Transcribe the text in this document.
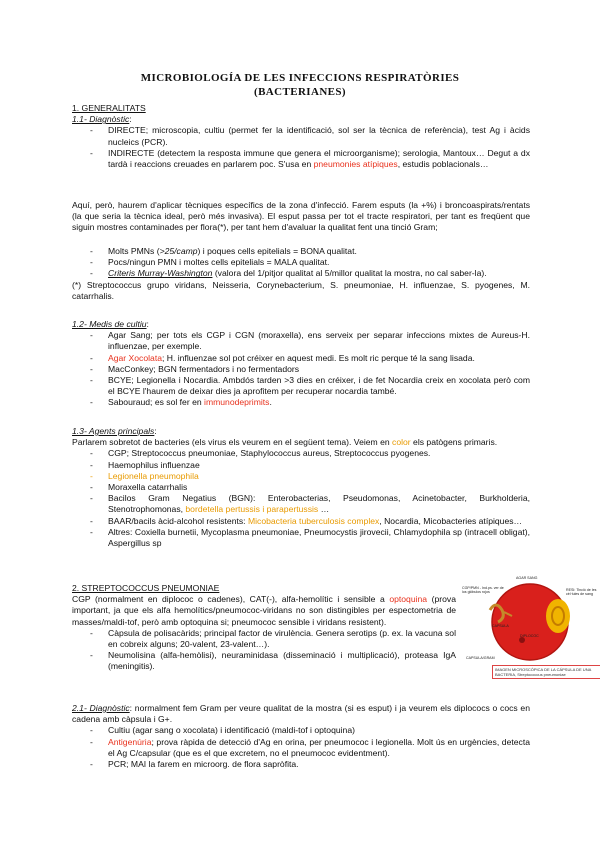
MICROBIOLOGÍA DE LES INFECCIONS RESPIRATÒRIES
(BACTERIANES)
1. GENERALITATS
1.1- Diagnòstic:
- DIRECTE; microscopia, cultiu (permet fer la identificació, sol ser la tècnica de referència), test Ag i àcids nucleics (PCR).
- INDIRECTE (detectem la resposta immune que genera el microorganisme); serologia, Mantoux… Degut a dx tardà i reaccions creuades en parlarem poc. S'usa en pneumonies atípiques, estudis poblacionals…
Aquí, però, haurem d'aplicar tècniques específics de la zona d'infecció. Farem esputs (la +%) i broncoaspirats/rentats (la que seria la tècnica ideal, però més invasiva). El esput passa per tot el tracte respiratori, per tant es freqüent que siguin mostres contaminades per flora(*), per tant hem d'avaluar la qualitat fent una tinció Gram;
- Molts PMNs (>25/camp) i poques cells epitelials = BONA qualitat.
- Pocs/ningun PMN i moltes cells epitelials = MALA qualitat.
- Criteris Murray-Washington (valora del 1/pitjor qualitat al 5/millor qualitat la mostra, no cal saber-la).
(*) Streptococcus grupo viridans, Neisseria, Corynebacterium, S. pneumoniae, H. influenzae, S. pyogenes, M. catarrhalis.
1.2- Medis de cultiu:
- Agar Sang; per tots els CGP i CGN (moraxella), ens serveix per separar infeccions mixtes de Aureus-H. influenzae, per exemple.
- Agar Xocolata; H. influenzae sol pot créixer en aquest medi. Es molt ric perque té la sang lisada.
- MacConkey; BGN fermentadors i no fermentadors
- BCYE; Legionella i Nocardia. Ambdós tarden >3 dies en créixer, i de fet Nocardia creix en xocolata però com el BCYE l'haurem de deixar dies ja aprofitem per recuperar nocardia també.
- Sabouraud; es sol fer en immunodeprimits.
1.3- Agents principals:
Parlarem sobretot de bacteries (els virus els veurem en el següent tema). Veiem en color els patògens primaris.
- CGP; Streptococcus pneumoniae, Staphylococcus aureus, Streptococcus pyogenes.
- Haemophilus influenzae
- Legionella pneumophila
- Moraxella catarrhalis
- Bacilos Gram Negatius (BGN): Enterobacterias, Pseudomonas, Acinetobacter, Burkholderia, Stenotrophomonas, bordetella pertussis i parapertussis …
- BAAR/bacils àcid-alcohol resistents: Micobacteria tuberculosis complex, Nocardia, Micobacteries atípiques…
- Altres: Coxiella burnetii, Mycoplasma pneumoniae, Pneumocystis jirovecii, Chlamydophila sp (intracell obligat), Aspergillus sp
2. STREPTOCOCCUS PNEUMONIAE
CGP (normalment en diplococ o cadenes), CAT(-), alfa-hemolític i sensible a optoquina (prova important, ja que els alfa hemolítics/pneumococ-viridans no son distingibles per espectometria de masses/maldi-tof, però amb optoquina si; pneumococ sensible i viridans resistent).
- Càpsula de polisacàrids; principal factor de virulència. Genera serotips (p. ex. la vacuna sol en cobreix alguns; 20-valent, 23-valent…).
- Neumolisina (alfa-hemòlisi), neuraminidasa (disseminació i multiplicació), proteasa IgA (meningitis).
AGAR SANG
CGP/PMN - Ind.ps. ver de los glóbulos rojos
RESI: Tinció de les cèl·lules de sang
CAPSULA
DIPLOCOC
CAPSULA/GRAM
IMAGEN MICROSCÓPICA DE LA CÁPSULA DE UNA BACTERIA, Streptococcus pneumoniae
2.1- Diagnòstic: normalment fem Gram per veure qualitat de la mostra (si es esput) i ja veurem els diplococs o cocs en cadena amb càpsula i G+.
- Cultiu (agar sang o xocolata) i identificació (maldi-tof i optoquina)
- Antigenúria; prova ràpida de detecció d'Ag en orina, per pneumococ i legionella. Molt ús en urgències, detecta el Ag C/capsular (que es el que excretem, no el pneumococ evidentment).
- PCR; MAI la farem en microorg. de flora sapròfita.
